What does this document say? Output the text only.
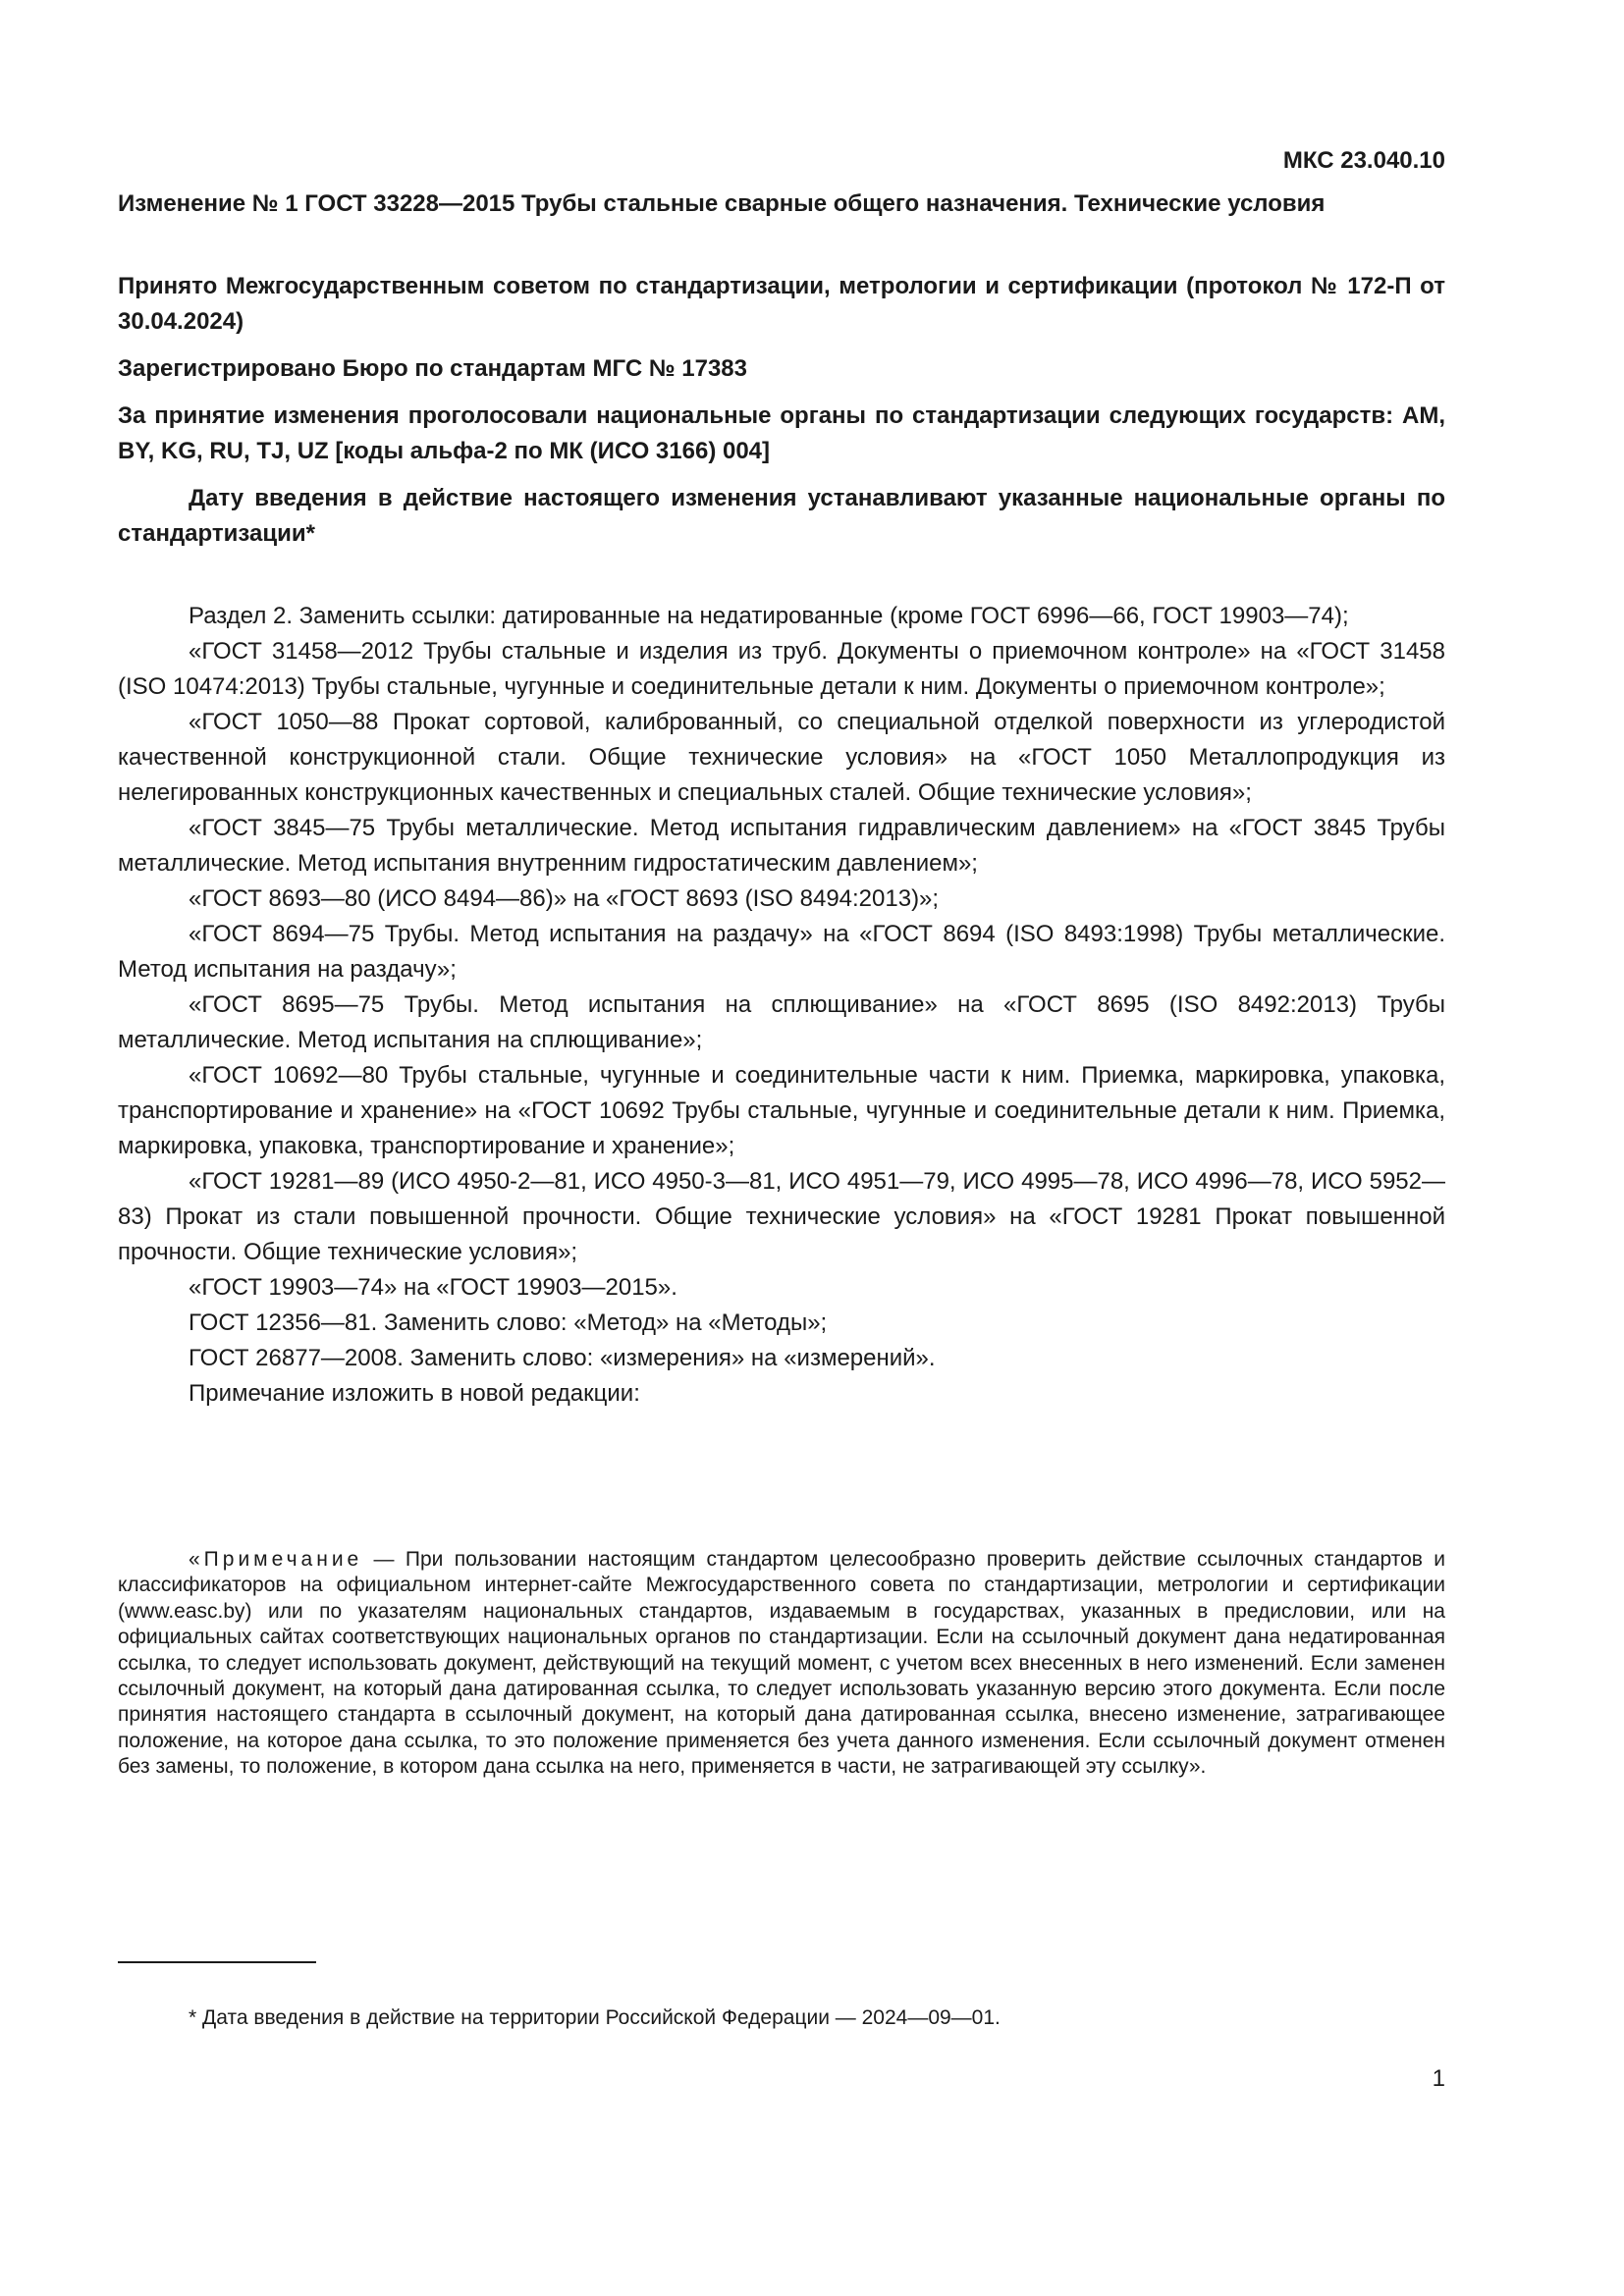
МКС 23.040.10
Изменение № 1 ГОСТ 33228—2015 Трубы стальные сварные общего назначения. Технические условия
Принято Межгосударственным советом по стандартизации, метрологии и сертификации (протокол № 172-П от 30.04.2024)
Зарегистрировано Бюро по стандартам МГС № 17383
За принятие изменения проголосовали национальные органы по стандартизации следующих государств: AM, BY, KG, RU, TJ, UZ [коды альфа-2 по МК (ИСО 3166) 004]
Дату введения в действие настоящего изменения устанавливают указанные национальные органы по стандартизации*

Раздел 2. Заменить ссылки: датированные на недатированные (кроме ГОСТ 6996—66, ГОСТ 19903—74);

«ГОСТ 31458—2012 Трубы стальные и изделия из труб. Документы о приемочном контроле» на «ГОСТ 31458 (ISO 10474:2013) Трубы стальные, чугунные и соединительные детали к ним. Документы о приемочном контроле»;

«ГОСТ 1050—88 Прокат сортовой, калиброванный, со специальной отделкой поверхности из углеродистой качественной конструкционной стали. Общие технические условия» на «ГОСТ 1050 Металлопродукция из нелегированных конструкционных качественных и специальных сталей. Общие технические условия»;

«ГОСТ 3845—75 Трубы металлические. Метод испытания гидравлическим давлением» на «ГОСТ 3845 Трубы металлические. Метод испытания внутренним гидростатическим давлением»;

«ГОСТ 8693—80 (ИСО 8494—86)» на «ГОСТ 8693 (ISO 8494:2013)»;

«ГОСТ 8694—75 Трубы. Метод испытания на раздачу» на «ГОСТ 8694 (ISO 8493:1998) Трубы металлические. Метод испытания на раздачу»;

«ГОСТ 8695—75 Трубы. Метод испытания на сплющивание» на «ГОСТ 8695 (ISO 8492:2013) Трубы металлические. Метод испытания на сплющивание»;

«ГОСТ 10692—80 Трубы стальные, чугунные и соединительные части к ним. Приемка, маркировка, упаковка, транспортирование и хранение» на «ГОСТ 10692 Трубы стальные, чугунные и соединительные детали к ним. Приемка, маркировка, упаковка, транспортирование и хранение»;

«ГОСТ 19281—89 (ИСО 4950-2—81, ИСО 4950-3—81, ИСО 4951—79, ИСО 4995—78, ИСО 4996—78, ИСО 5952—83) Прокат из стали повышенной прочности. Общие технические условия» на «ГОСТ 19281 Прокат повышенной прочности. Общие технические условия»;

«ГОСТ 19903—74» на «ГОСТ 19903—2015».

ГОСТ 12356—81. Заменить слово: «Метод» на «Методы»;

ГОСТ 26877—2008. Заменить слово: «измерения» на «измерений».

Примечание изложить в новой редакции:

«Примечание — При пользовании настоящим стандартом целесообразно проверить действие ссылочных стандартов и классификаторов на официальном интернет-сайте Межгосударственного совета по стандартизации, метрологии и сертификации (www.easc.by) или по указателям национальных стандартов, издаваемым в государствах, указанных в предисловии, или на официальных сайтах соответствующих национальных органов по стандартизации. Если на ссылочный документ дана недатированная ссылка, то следует использовать документ, действующий на текущий момент, с учетом всех внесенных в него изменений. Если заменен ссылочный документ, на который дана датированная ссылка, то следует использовать указанную версию этого документа. Если после принятия настоящего стандарта в ссылочный документ, на который дана датированная ссылка, внесено изменение, затрагивающее положение, на которое дана ссылка, то это положение применяется без учета данного изменения. Если ссылочный документ отменен без замены, то положение, в котором дана ссылка на него, применяется в части, не затрагивающей эту ссылку».
* Дата введения в действие на территории Российской Федерации — 2024—09—01.
1
